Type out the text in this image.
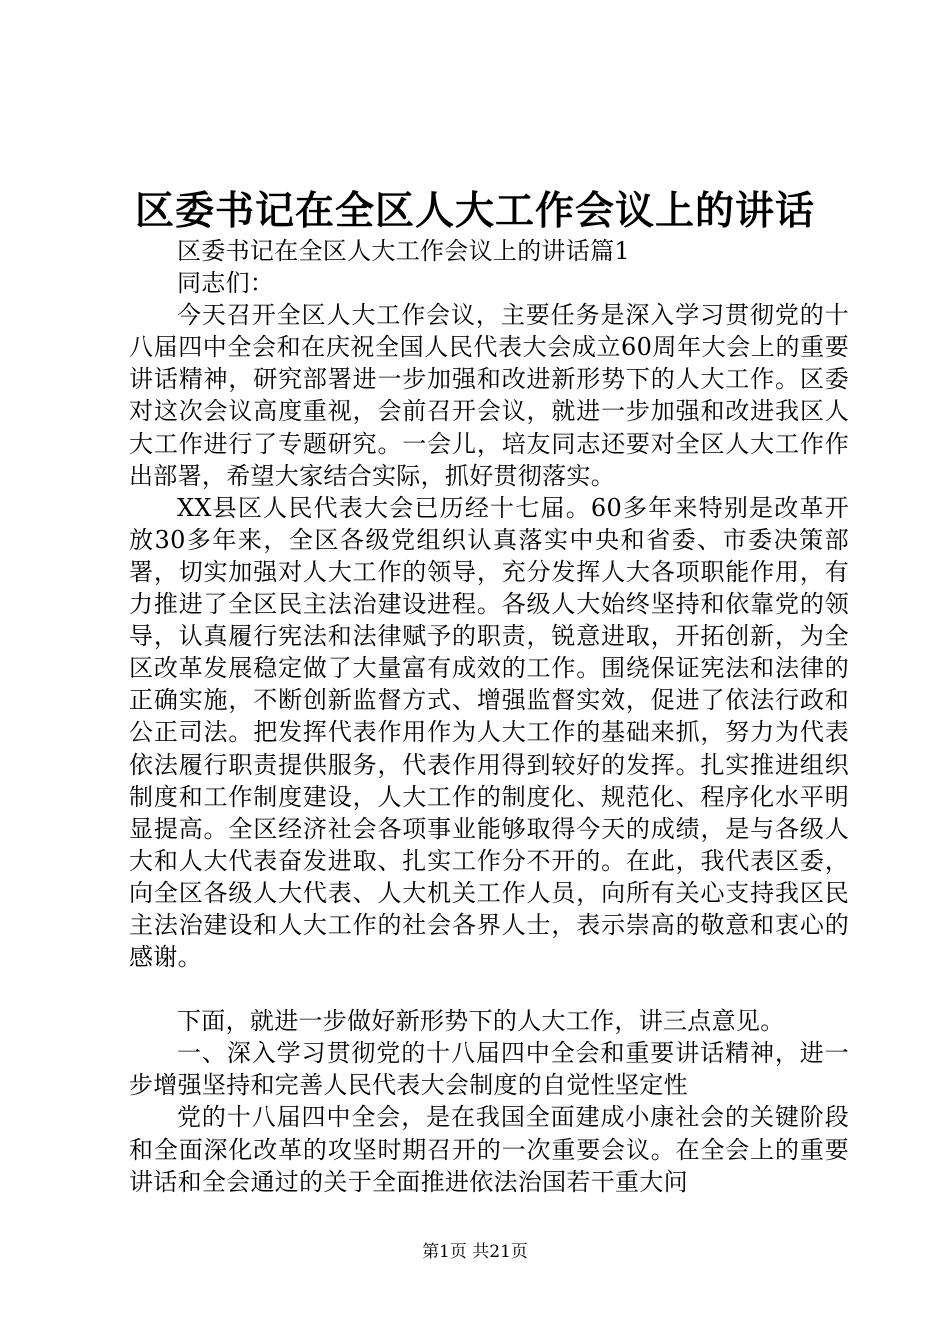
区委书记在全区人大工作会议上的讲话

区委书记在全区人大工作会议上的讲话篇1

同志们：

今天召开全区人大工作会议，主要任务是深入学习贯彻党的十八届四中全会和在庆祝全国人民代表大会成立60周年大会上的重要讲话精神，研究部署进一步加强和改进新形势下的人大工作。区委对这次会议高度重视，会前召开会议，就进一步加强和改进我区人大工作进行了专题研究。一会儿，培友同志还要对全区人大工作作出部署，希望大家结合实际，抓好贯彻落实。

XX县区人民代表大会已历经十七届。60多年来特别是改革开放30多年来，全区各级党组织认真落实中央和省委、市委决策部署，切实加强对人大工作的领导，充分发挥人大各项职能作用，有力推进了全区民主法治建设进程。各级人大始终坚持和依靠党的领导，认真履行宪法和法律赋予的职责，锐意进取，开拓创新，为全区改革发展稳定做了大量富有成效的工作。围绕保证宪法和法律的正确实施，不断创新监督方式、增强监督实效，促进了依法行政和公正司法。把发挥代表作用作为人大工作的基础来抓，努力为代表依法履行职责提供服务，代表作用得到较好的发挥。扎实推进组织制度和工作制度建设，人大工作的制度化、规范化、程序化水平明显提高。全区经济社会各项事业能够取得今天的成绩，是与各级人大和人大代表奋发进取、扎实工作分不开的。在此，我代表区委，向全区各级人大代表、人大机关工作人员，向所有关心支持我区民主法治建设和人大工作的社会各界人士，表示崇高的敬意和衷心的感谢。

下面，就进一步做好新形势下的人大工作，讲三点意见。

一、深入学习贯彻党的十八届四中全会和重要讲话精神，进一步增强坚持和完善人民代表大会制度的自觉性坚定性

党的十八届四中全会，是在我国全面建成小康社会的关键阶段和全面深化改革的攻坚时期召开的一次重要会议。在全会上的重要讲话和全会通过的关于全面推进依法治国若干重大问

第1页 共21页
